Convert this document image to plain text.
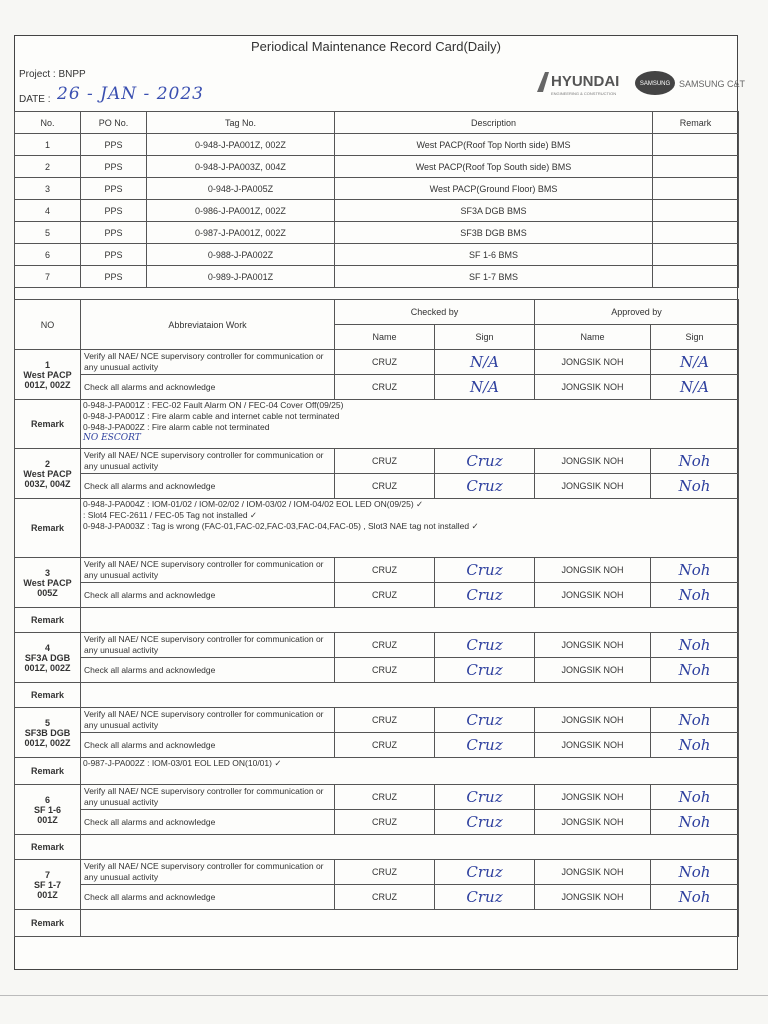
Periodical Maintenance Record Card(Daily)
Project : BNPP
DATE : 26 - JAN - 2023
HYUNDAI
ENGINEERING & CONSTRUCTION
SAMSUNG SAMSUNG C&T
No.	PO No.	Tag No.	Description	Remark
1	PPS	0-948-J-PA001Z, 002Z	West PACP(Roof Top North side) BMS	
2	PPS	0-948-J-PA003Z, 004Z	West PACP(Roof Top South side) BMS	
3	PPS	0-948-J-PA005Z	West PACP(Ground Floor) BMS	
4	PPS	0-986-J-PA001Z, 002Z	SF3A DGB BMS	
5	PPS	0-987-J-PA001Z, 002Z	SF3B DGB BMS	
6	PPS	0-988-J-PA002Z	SF 1-6 BMS	
7	PPS	0-989-J-PA001Z	SF 1-7 BMS	
NO	Abbreviataion Work	Checked by		Approved by	
		Name	Sign	Name	Sign

1
West PACP
001Z, 002Z	Verify all NAE/ NCE supervisory controller for communication or any unusual activity	CRUZ	N/A	JONGSIK NOH	N/A
	Check all alarms and acknowledge	CRUZ	N/A	JONGSIK NOH	N/A
Remark	0-948-J-PA001Z : FEC-02 Fault Alarm ON / FEC-04 Cover Off(09/25)
0-948-J-PA001Z : Fire alarm cable and internet cable not terminated
0-948-J-PA002Z : Fire alarm cable not terminated
NO ESCORT				

2
West PACP
003Z, 004Z	Verify all NAE/ NCE supervisory controller for communication or any unusual activity	CRUZ	Cruz	JONGSIK NOH	Noh
	Check all alarms and acknowledge	CRUZ	Cruz	JONGSIK NOH	Noh
Remark	0-948-J-PA004Z : IOM-01/02 / IOM-02/02 / IOM-03/02 / IOM-04/02 EOL LED ON(09/25) ✓
: Slot4 FEC-2611 / FEC-05 Tag not installed ✓
0-948-J-PA003Z : Tag is wrong (FAC-01,FAC-02,FAC-03,FAC-04,FAC-05) , Slot3 NAE tag not installed ✓				

3
West PACP
005Z	Verify all NAE/ NCE supervisory controller for communication or any unusual activity	CRUZ	Cruz	JONGSIK NOH	Noh
	Check all alarms and acknowledge	CRUZ	Cruz	JONGSIK NOH	Noh
Remark					

4
SF3A DGB
001Z, 002Z	Verify all NAE/ NCE supervisory controller for communication or any unusual activity	CRUZ	Cruz	JONGSIK NOH	Noh
	Check all alarms and acknowledge	CRUZ	Cruz	JONGSIK NOH	Noh
Remark					

5
SF3B DGB
001Z, 002Z	Verify all NAE/ NCE supervisory controller for communication or any unusual activity	CRUZ	Cruz	JONGSIK NOH	Noh
	Check all alarms and acknowledge	CRUZ	Cruz	JONGSIK NOH	Noh
Remark	0-987-J-PA002Z : IOM-03/01 EOL LED ON(10/01) ✓				

6
SF 1-6
001Z	Verify all NAE/ NCE supervisory controller for communication or any unusual activity	CRUZ	Cruz	JONGSIK NOH	Noh
	Check all alarms and acknowledge	CRUZ	Cruz	JONGSIK NOH	Noh
Remark					

7
SF 1-7
001Z	Verify all NAE/ NCE supervisory controller for communication or any unusual activity	CRUZ	Cruz	JONGSIK NOH	Noh
	Check all alarms and acknowledge	CRUZ	Cruz	JONGSIK NOH	Noh
Remark					
